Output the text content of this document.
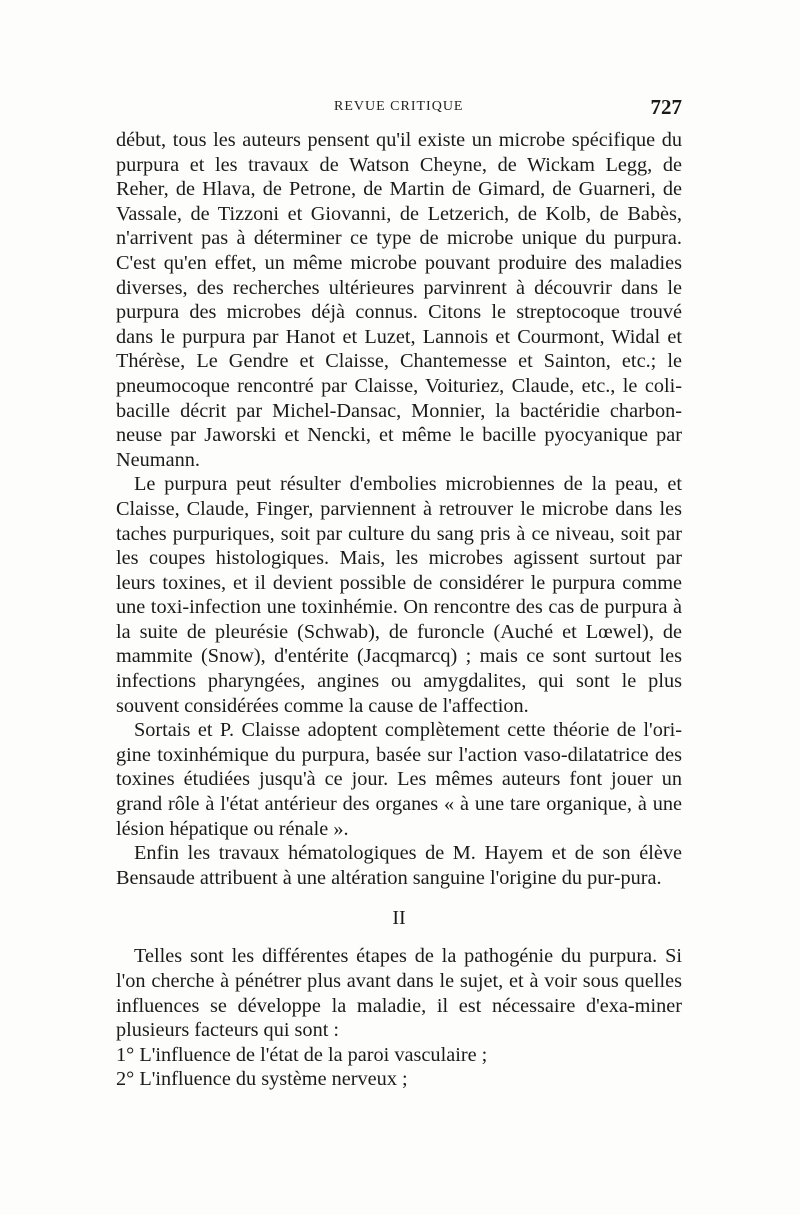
REVUE CRITIQUE	727

début, tous les auteurs pensent qu'il existe un microbe spécifique du purpura et les travaux de Watson Cheyne, de Wickam Legg, de Reher, de Hlava, de Petrone, de Martin de Gimard, de Guarneri, de Vassale, de Tizzoni et Giovanni, de Letzerich, de Kolb, de Babès, n'arrivent pas à déterminer ce type de microbe unique du purpura. C'est qu'en effet, un même microbe pouvant produire des maladies diverses, des recherches ultérieures parvinrent à découvrir dans le purpura des microbes déjà connus. Citons le streptocoque trouvé dans le purpura par Hanot et Luzet, Lannois et Courmont, Widal et Thérèse, Le Gendre et Claisse, Chantemesse et Sainton, etc.; le pneumocoque rencontré par Claisse, Voituriez, Claude, etc., le coli-bacille décrit par Michel-Dansac, Monnier, la bactéridie charbon-neuse par Jaworski et Nencki, et même le bacille pyocyanique par Neumann.

Le purpura peut résulter d'embolies microbiennes de la peau, et Claisse, Claude, Finger, parviennent à retrouver le microbe dans les taches purpuriques, soit par culture du sang pris à ce niveau, soit par les coupes histologiques. Mais, les microbes agissent surtout par leurs toxines, et il devient possible de considérer le purpura comme une toxi-infection une toxinhémie. On rencontre des cas de purpura à la suite de pleurésie (Schwab), de furoncle (Auché et Lœwel), de mammite (Snow), d'entérite (Jacqmarcq) ; mais ce sont surtout les infections pharyngées, angines ou amygdalites, qui sont le plus souvent considérées comme la cause de l'affection.

Sortais et P. Claisse adoptent complètement cette théorie de l'ori-gine toxinhémique du purpura, basée sur l'action vaso-dilatatrice des toxines étudiées jusqu'à ce jour. Les mêmes auteurs font jouer un grand rôle à l'état antérieur des organes « à une tare organique, à une lésion hépatique ou rénale ».

Enfin les travaux hématologiques de M. Hayem et de son élève Bensaude attribuent à une altération sanguine l'origine du pur-pura.

II

Telles sont les différentes étapes de la pathogénie du purpura. Si l'on cherche à pénétrer plus avant dans le sujet, et à voir sous quelles influences se développe la maladie, il est nécessaire d'exa-miner plusieurs facteurs qui sont :

1° L'influence de l'état de la paroi vasculaire ;

2° L'influence du système nerveux ;
